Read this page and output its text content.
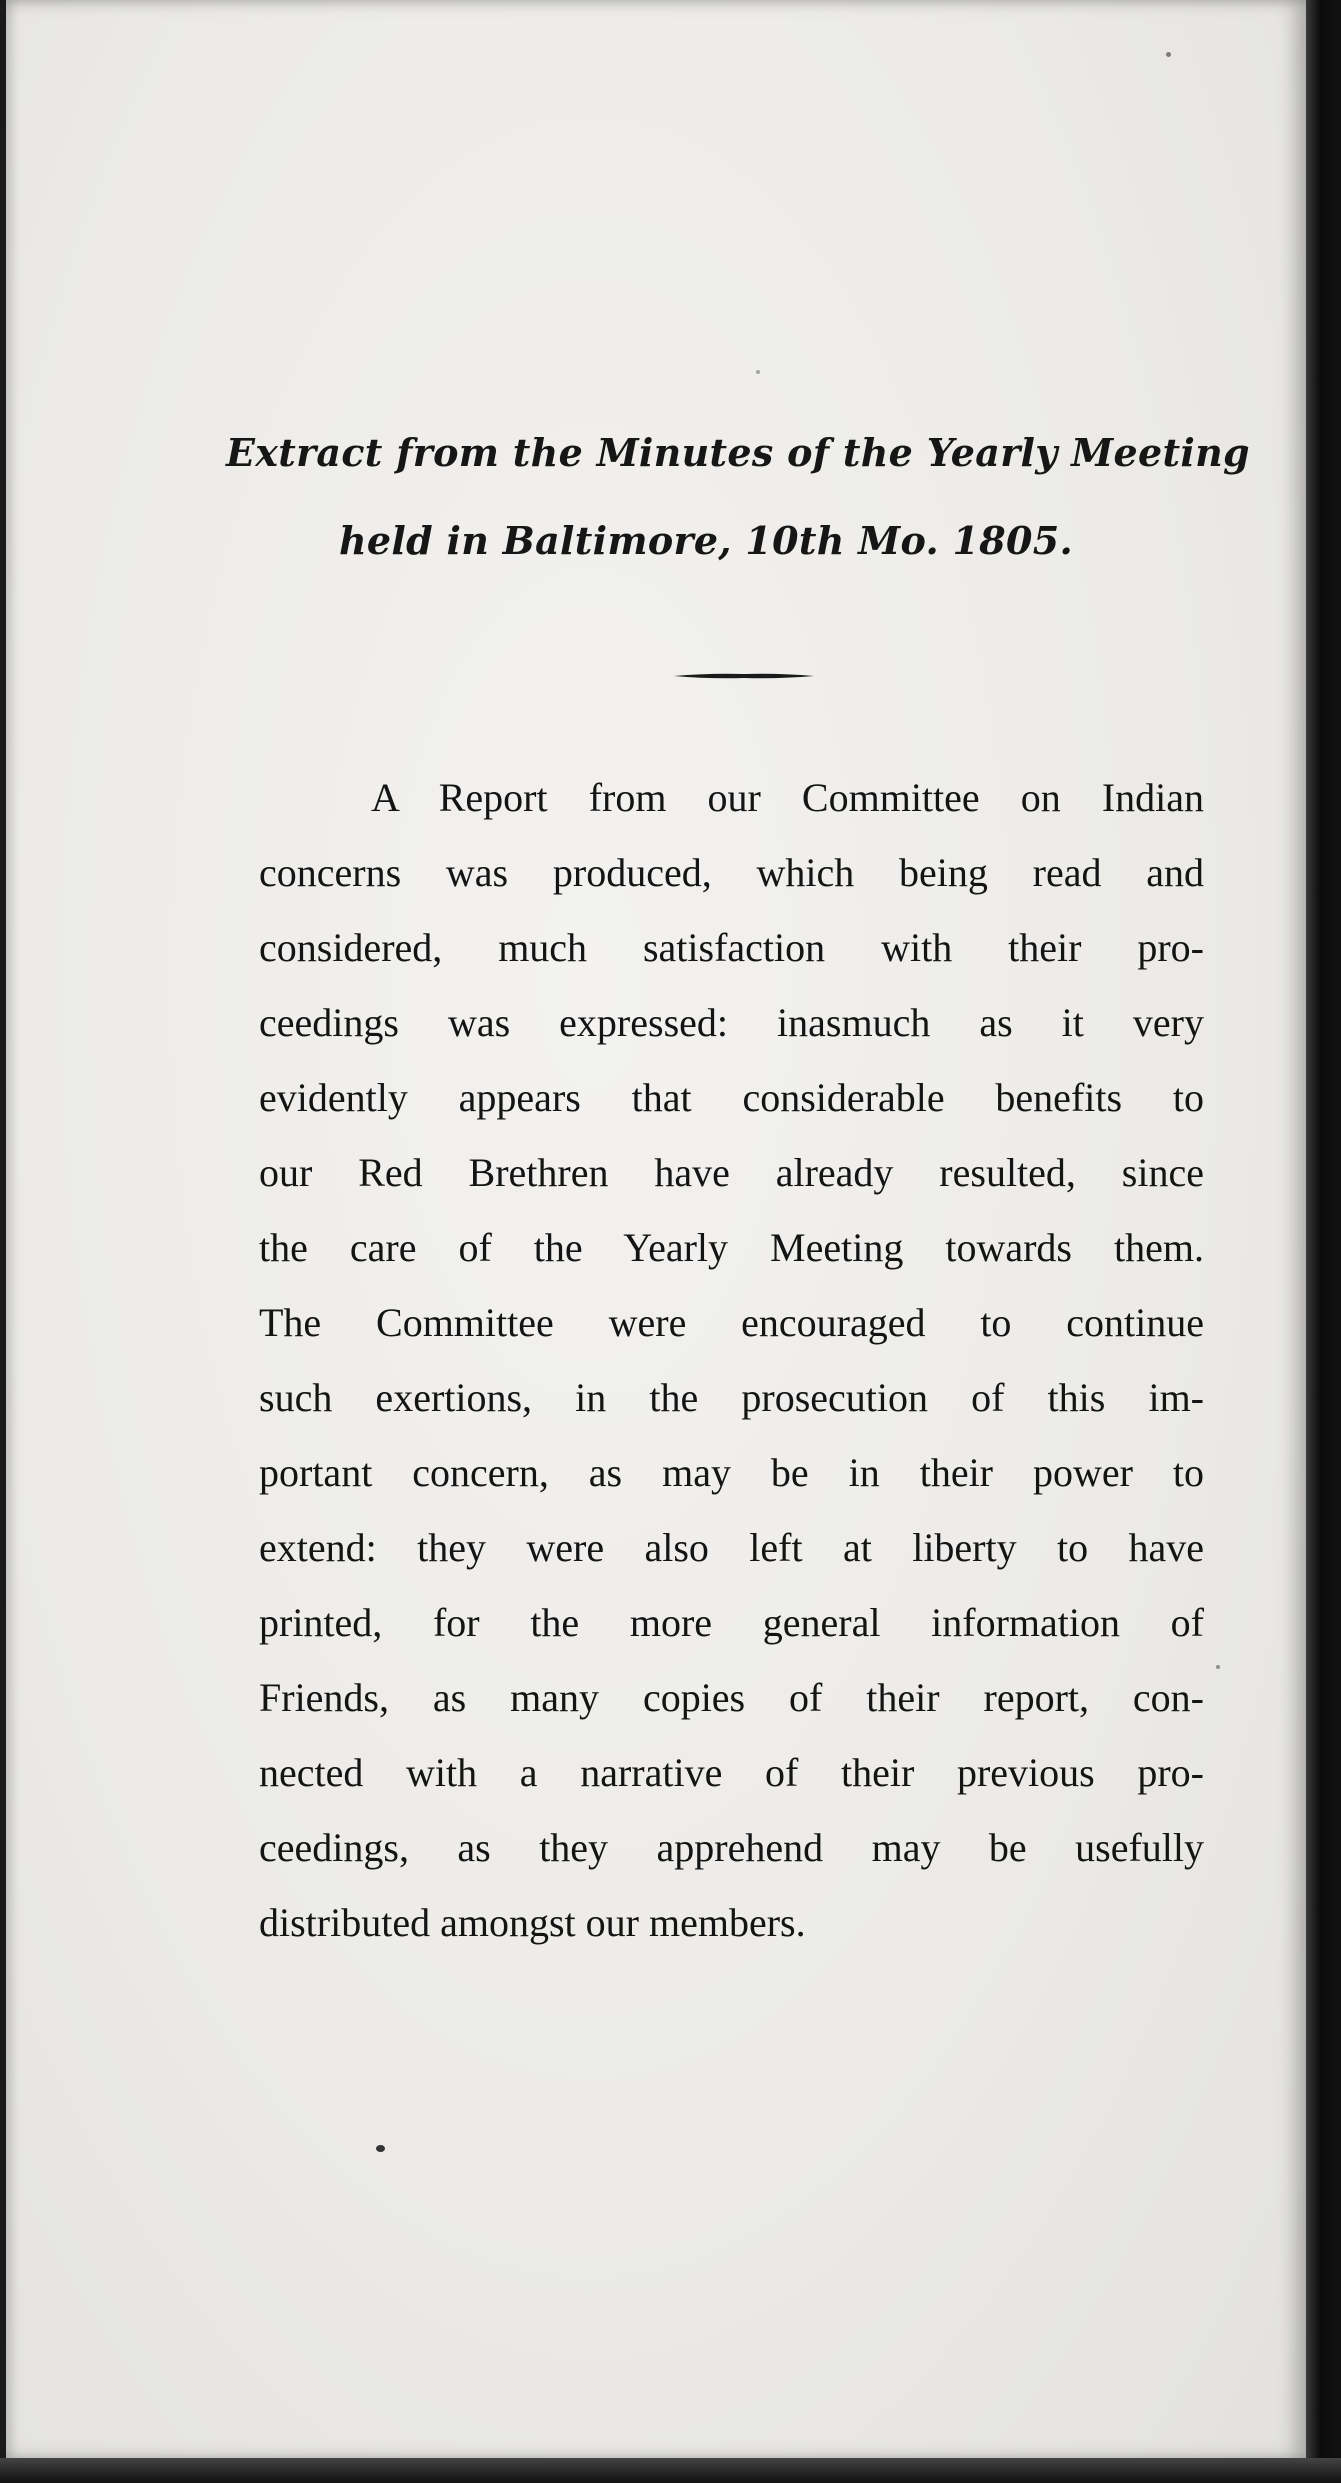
Extract from the Minutes of the Yearly Meeting
held in Baltimore, 10th Mo. 1805.
A Report from our Committee on Indian
concerns was produced, which being read and
considered, much satisfaction with their pro-
ceedings was expressed: inasmuch as it very
evidently appears that considerable benefits to
our Red Brethren have already resulted, since
the care of the Yearly Meeting towards them.
The Committee were encouraged to continue
such exertions, in the prosecution of this im-
portant concern, as may be in their power to
extend: they were also left at liberty to have
printed, for the more general information of
Friends, as many copies of their report, con-
nected with a narrative of their previous pro-
ceedings, as they apprehend may be usefully
distributed amongst our members.
